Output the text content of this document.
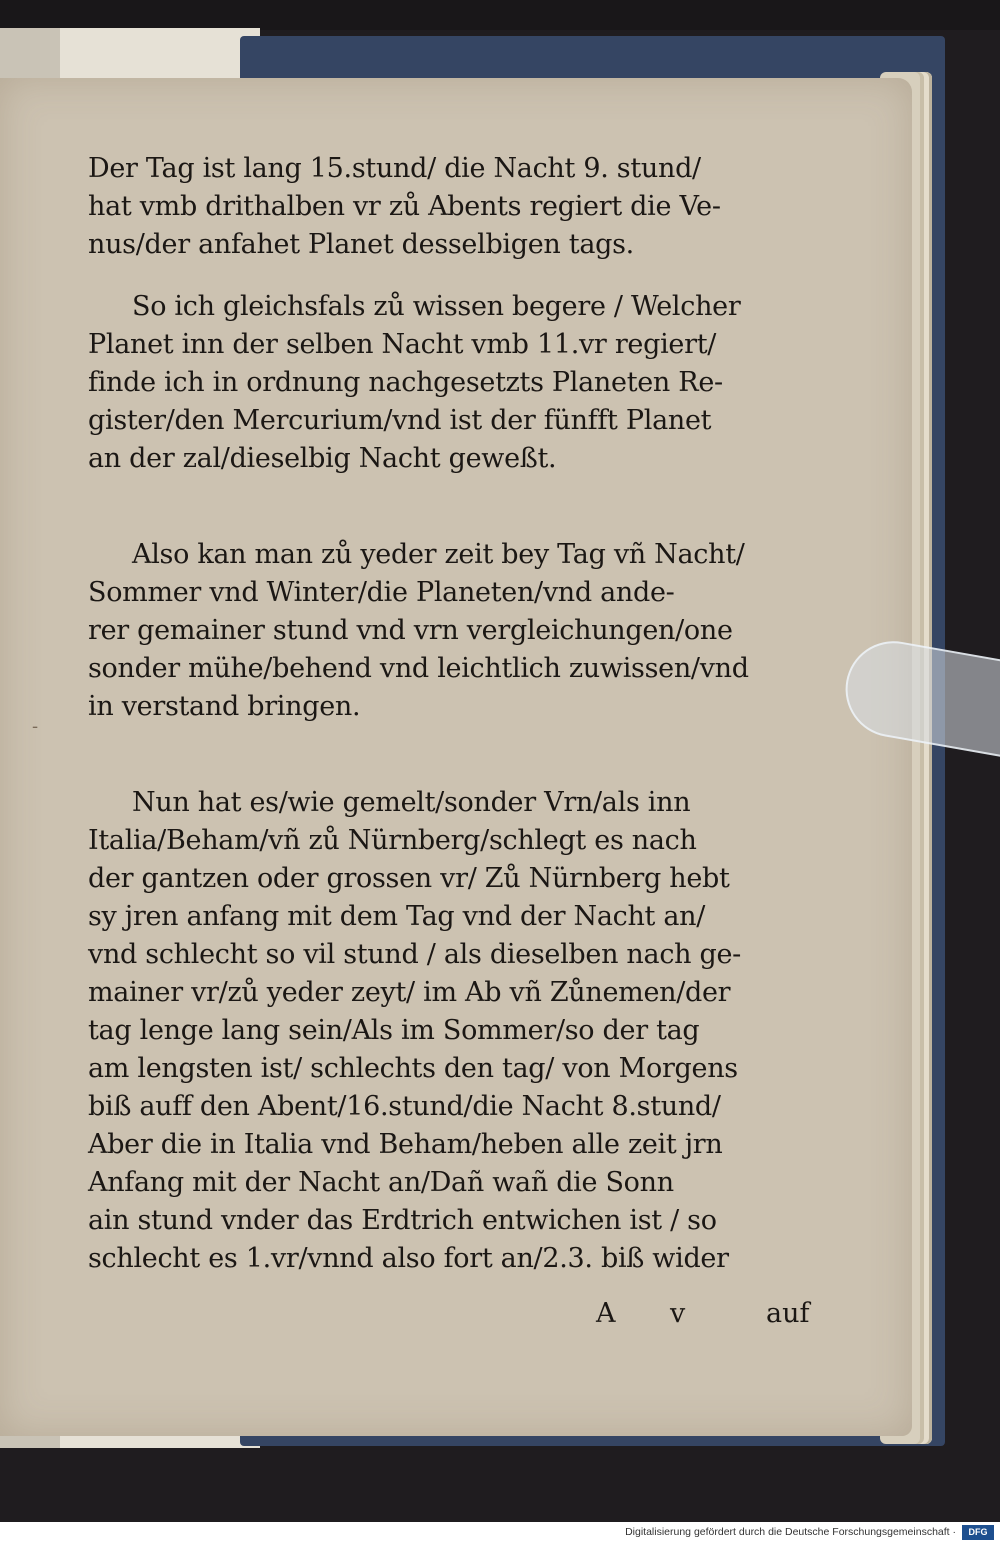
Der Tag ist lang 15.stund/ die Nacht 9. stund/
hat vmb drithalben vr zů Abents regiert die Ve-
nus/der anfahet Planet desselbigen tags.
So ich gleichsfals zů wissen begere / Welcher
Planet inn der selben Nacht vmb 11.vr regiert/
finde ich in ordnung nachgesetzts Planeten Re-
gister/den Mercurium/vnd ist der fünfft Planet
an der zal/dieselbig Nacht geweßt.
Also kan man zů yeder zeit bey Tag vñ Nacht/
Sommer vnd Winter/die Planeten/vnd ande-
rer gemainer stund vnd vrn vergleichungen/one
sonder mühe/behend vnd leichtlich zuwissen/vnd
in verstand bringen.
Nun hat es/wie gemelt/sonder Vrn/als inn
Italia/Beham/vñ zů Nürnberg/schlegt es nach
der gantzen oder grossen vr/ Zů Nürnberg hebt
sy jren anfang mit dem Tag vnd der Nacht an/
vnd schlecht so vil stund / als dieselben nach ge-
mainer vr/zů yeder zeyt/ im Ab vñ Zůnemen/der
tag lenge lang sein/Als im Sommer/so der tag
am lengsten ist/ schlechts den tag/ von Morgens
biß auff den Abent/16.stund/die Nacht 8.stund/
Aber die in Italia vnd Beham/heben alle zeit jrn
Anfang mit der Nacht an/Dañ wañ die Sonn
ain stund vnder das Erdtrich entwichen ist / so
schlecht es 1.vr/vnnd also fort an/2.3. biß wider
A v	auf
Digitalisierung gefördert durch die Deutsche Forschungsgemeinschaft ·	DFG
